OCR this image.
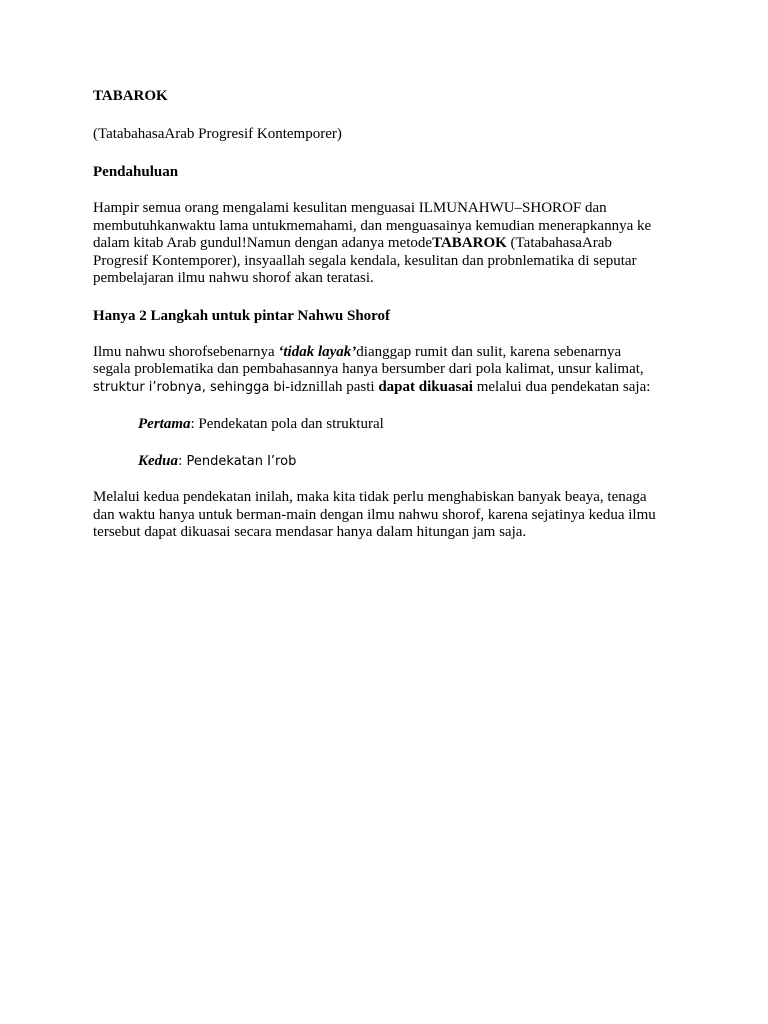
TABAROK

(TatabahasaArab Progresif Kontemporer)

Pendahuluan

Hampir semua orang mengalami kesulitan menguasai ILMUNAHWU–SHOROF dan

membutuhkanwaktu lama untukmemahami, dan menguasainya kemudian menerapkannya ke

dalam kitab Arab gundul!Namun dengan adanya metodeTABAROK (TatabahasaArab

Progresif Kontemporer), insyaallah segala kendala, kesulitan dan probnlematika di seputar

pembelajaran ilmu nahwu shorof akan teratasi.

Hanya 2 Langkah untuk pintar Nahwu Shorof

Ilmu nahwu shorofsebenarnya ‘tidak layak’dianggap rumit dan sulit, karena sebenarnya

segala problematika dan pembahasannya hanya bersumber dari pola kalimat, unsur kalimat,

struktur i’robnya, sehingga bi-idznillah pasti dapat dikuasai melalui dua pendekatan saja:

Pertama: Pendekatan pola dan struktural

Kedua: Pendekatan I’rob

Melalui kedua pendekatan inilah, maka kita tidak perlu menghabiskan banyak beaya, tenaga

dan waktu hanya untuk berman-main dengan ilmu nahwu shorof, karena sejatinya kedua ilmu

tersebut dapat dikuasai secara mendasar hanya dalam hitungan jam saja.
